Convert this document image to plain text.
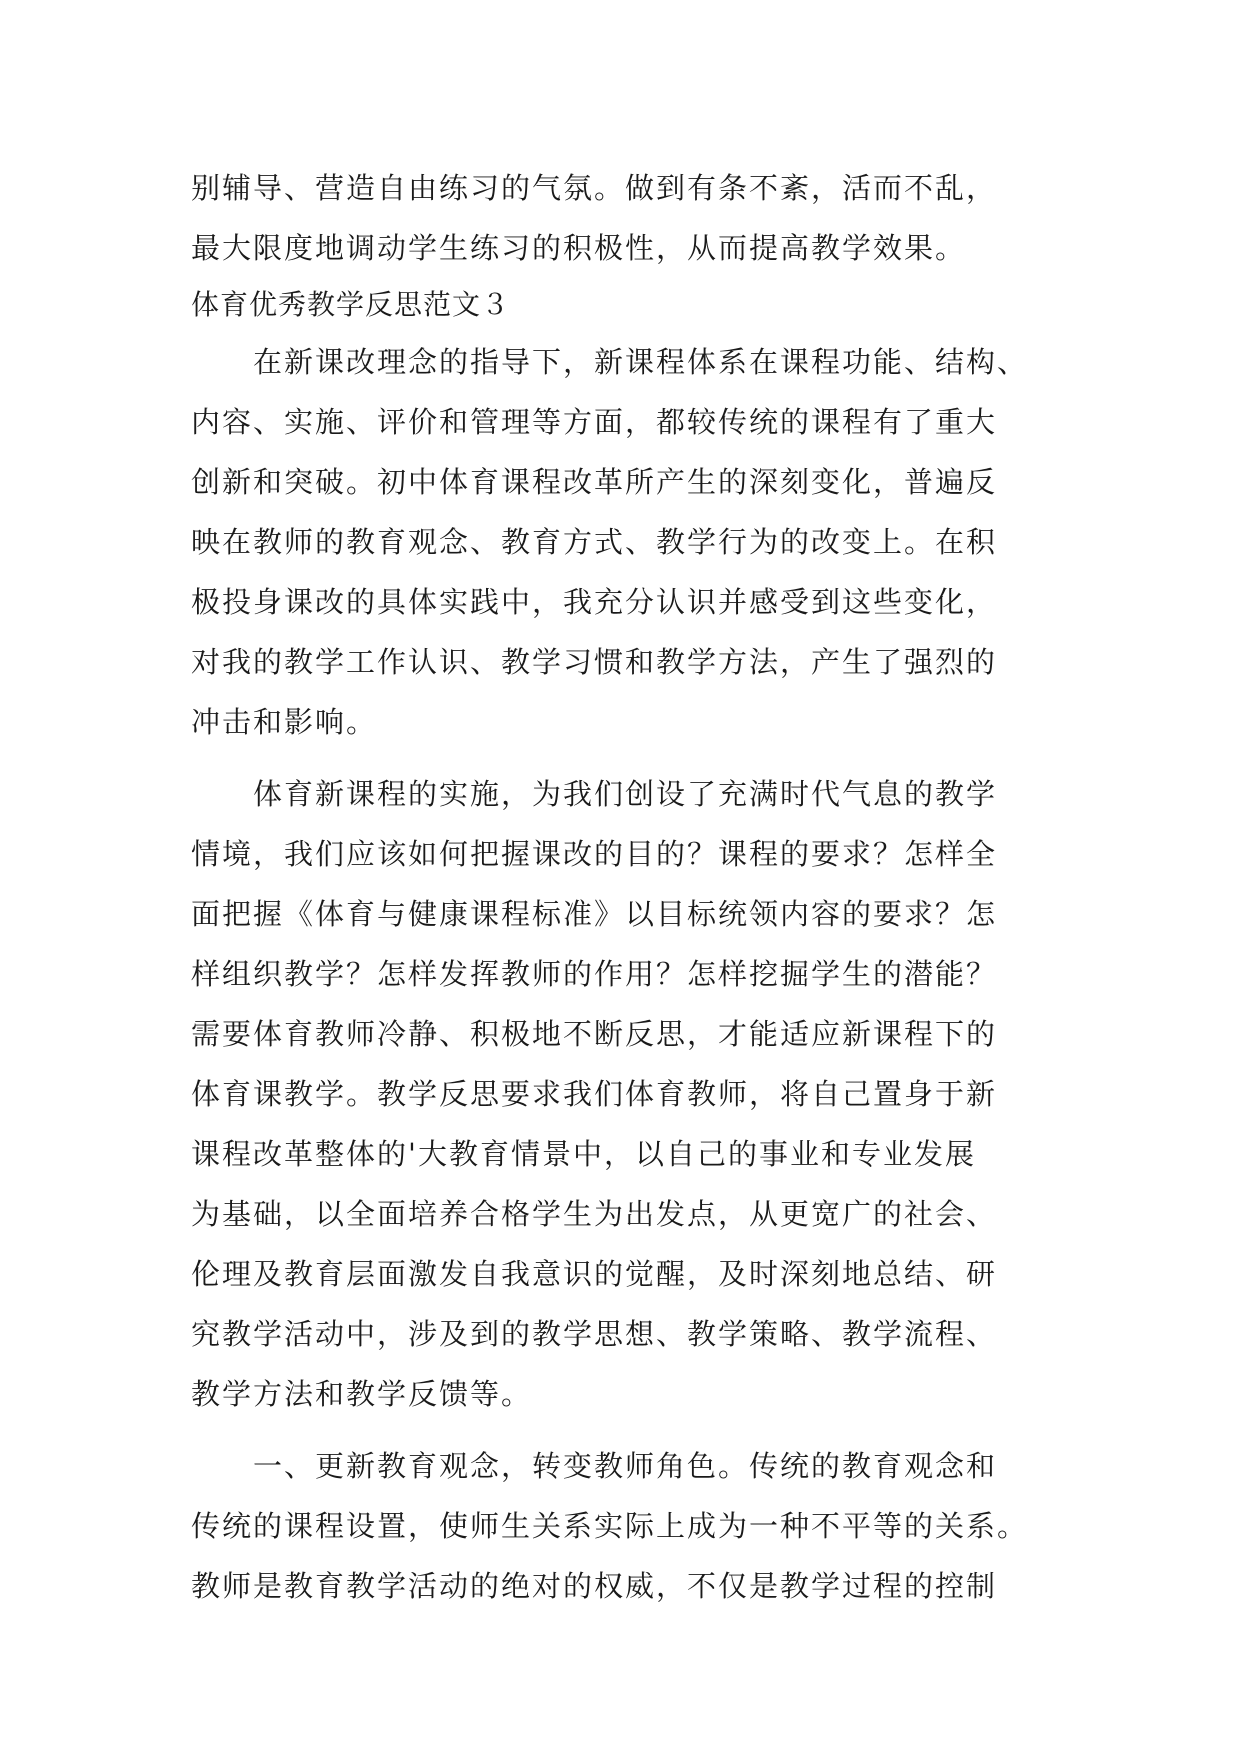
别辅导、营造自由练习的气氛。做到有条不紊，活而不乱，
最大限度地调动学生练习的积极性，从而提高教学效果。
体育优秀教学反思范文３
在新课改理念的指导下，新课程体系在课程功能、结构、
内容、实施、评价和管理等方面，都较传统的课程有了重大
创新和突破。初中体育课程改革所产生的深刻变化，普遍反
映在教师的教育观念、教育方式、教学行为的改变上。在积
极投身课改的具体实践中，我充分认识并感受到这些变化，
对我的教学工作认识、教学习惯和教学方法，产生了强烈的
冲击和影响。
体育新课程的实施，为我们创设了充满时代气息的教学
情境，我们应该如何把握课改的目的？课程的要求？怎样全
面把握《体育与健康课程标准》以目标统领内容的要求？怎
样组织教学？怎样发挥教师的作用？怎样挖掘学生的潜能？
需要体育教师冷静、积极地不断反思，才能适应新课程下的
体育课教学。教学反思要求我们体育教师，将自己置身于新
课程改革整体的'大教育情景中，以自己的事业和专业发展
为基础，以全面培养合格学生为出发点，从更宽广的社会、
伦理及教育层面激发自我意识的觉醒，及时深刻地总结、研
究教学活动中，涉及到的教学思想、教学策略、教学流程、
教学方法和教学反馈等。
一、更新教育观念，转变教师角色。传统的教育观念和
传统的课程设置，使师生关系实际上成为一种不平等的关系。
教师是教育教学活动的绝对的权威，不仅是教学过程的控制
